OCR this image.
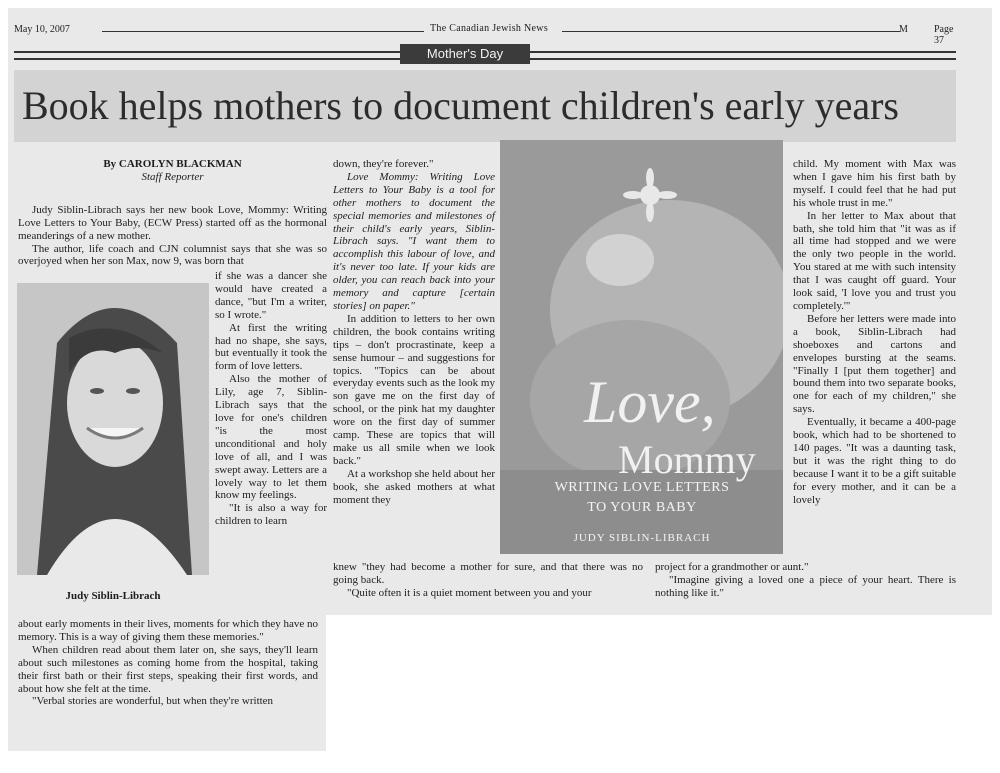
May 10, 2007	The Canadian Jewish News	M	Page 37
Mother's Day
Book helps mothers to document children's early years

By CAROLYN BLACKMAN

Staff Reporter

Judy Siblin-Librach says her new book Love, Mommy: Writing Love Letters to Your Baby, (ECW Press) started off as the hormonal meanderings of a new mother.

The author, life coach and CJN columnist says that she was so overjoyed when her son Max, now 9, was born that

Judy Siblin-Librach

if she was a dancer she would have created a dance, "but I'm a writer, so I wrote."

At first the writing had no shape, she says, but eventually it took the form of love letters.

Also the mother of Lily, age 7, Siblin-Librach says that the love for one's children "is the most unconditional and holy love of all, and I was swept away. Letters are a lovely way to let them know my feelings.

"It is also a way for children to learn

about early moments in their lives, moments for which they have no memory. This is a way of giving them these memories."

When children read about them later on, she says, they'll learn about such milestones as coming home from the hospital, taking their first bath or their first steps, speaking their first words, and about how she felt at the time.

"Verbal stories are wonderful, but when they're written

down, they're forever."

Love Mommy: Writing Love Letters to Your Baby is a tool for other mothers to document the special memories and milestones of their child's early years, Siblin-Librach says. "I want them to accomplish this labour of love, and it's never too late. If your kids are older, you can reach back into your memory and capture [certain stories] on paper."

In addition to letters to her own children, the book contains writing tips – don't procrastinate, keep a sense humour – and suggestions for topics. "Topics can be about everyday events such as the look my son gave me on the first day of school, or the pink hat my daughter wore on the first day of summer camp. These are topics that will make us all smile when we look back."

At a workshop she held about her book, she asked mothers at what moment they

knew "they had become a mother for sure, and that there was no going back.

"Quite often it is a quiet moment between you and your

Love,
Mommy
WRITING LOVE LETTERS
TO YOUR BABY
JUDY SIBLIN-LIBRACH

child. My moment with Max was when I gave him his first bath by myself. I could feel that he had put his whole trust in me."

In her letter to Max about that bath, she told him that "it was as if all time had stopped and we were the only two people in the world. You stared at me with such intensity that I was caught off guard. Your look said, 'I love you and trust you completely.'"

Before her letters were made into a book, Siblin-Librach had shoeboxes and cartons and envelopes bursting at the seams. "Finally I [put them together] and bound them into two separate books, one for each of my children," she says.

Eventually, it became a 400-page book, which had to be shortened to 140 pages. "It was a daunting task, but it was the right thing to do because I want it to be a gift suitable for every mother, and it can be a lovely

project for a grandmother or aunt."

"Imagine giving a loved one a piece of your heart. There is nothing like it."
